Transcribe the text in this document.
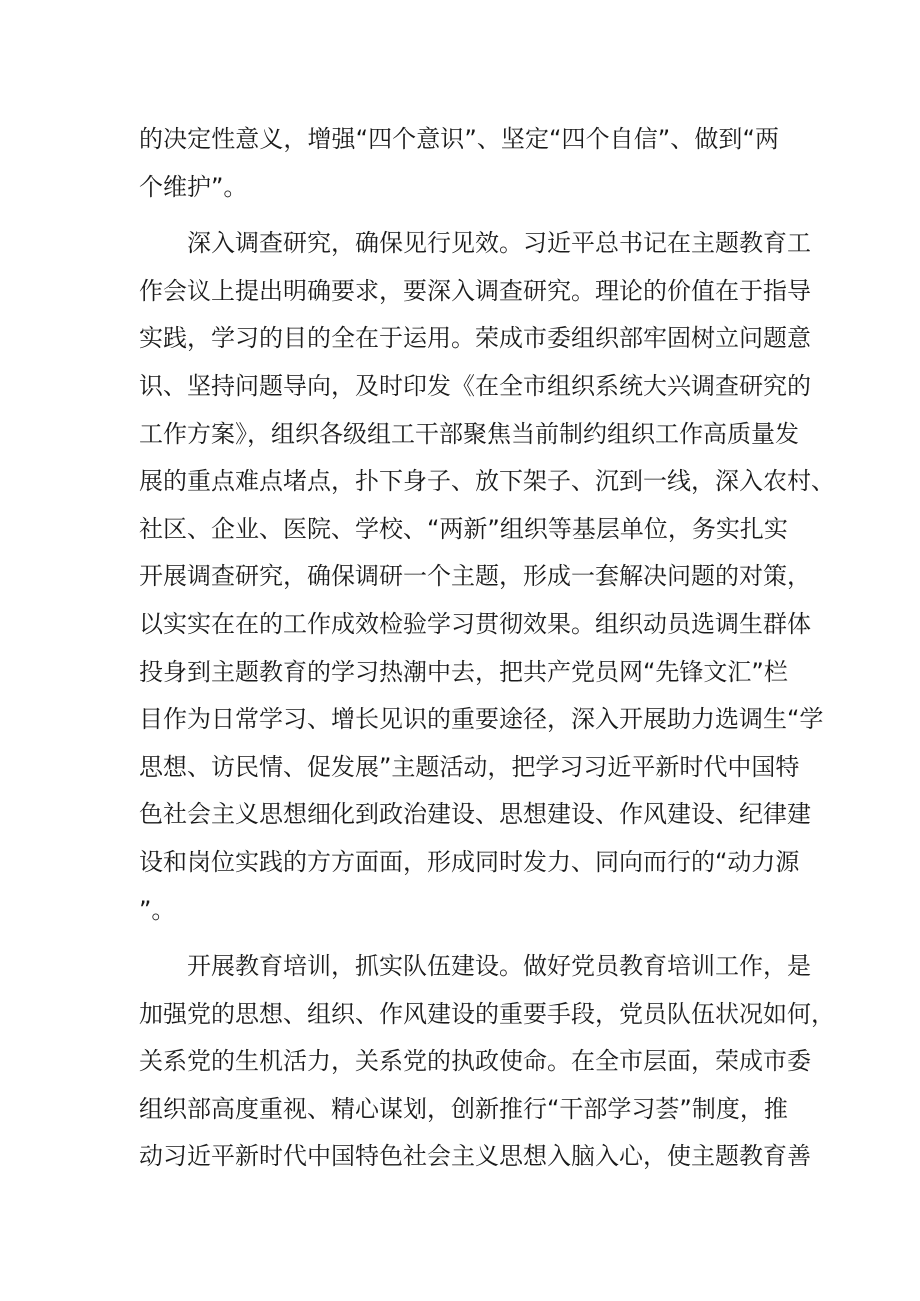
的决定性意义，增强“四个意识”、坚定“四个自信”、做到“两
个维护”。
深入调查研究，确保见行见效。习近平总书记在主题教育工
作会议上提出明确要求，要深入调查研究。理论的价值在于指导
实践，学习的目的全在于运用。荣成市委组织部牢固树立问题意
识、坚持问题导向，及时印发《在全市组织系统大兴调查研究的
工作方案》，组织各级组工干部聚焦当前制约组织工作高质量发
展的重点难点堵点，扑下身子、放下架子、沉到一线，深入农村、
社区、企业、医院、学校、“两新”组织等基层单位，务实扎实
开展调查研究，确保调研一个主题，形成一套解决问题的对策，
以实实在在的工作成效检验学习贯彻效果。组织动员选调生群体
投身到主题教育的学习热潮中去，把共产党员网“先锋文汇”栏
目作为日常学习、增长见识的重要途径，深入开展助力选调生“学
思想、访民情、促发展”主题活动，把学习习近平新时代中国特
色社会主义思想细化到政治建设、思想建设、作风建设、纪律建
设和岗位实践的方方面面，形成同时发力、同向而行的“动力源
”。
开展教育培训，抓实队伍建设。做好党员教育培训工作，是
加强党的思想、组织、作风建设的重要手段，党员队伍状况如何，
关系党的生机活力，关系党的执政使命。在全市层面，荣成市委
组织部高度重视、精心谋划，创新推行“干部学习荟”制度，推
动习近平新时代中国特色社会主义思想入脑入心，使主题教育善
